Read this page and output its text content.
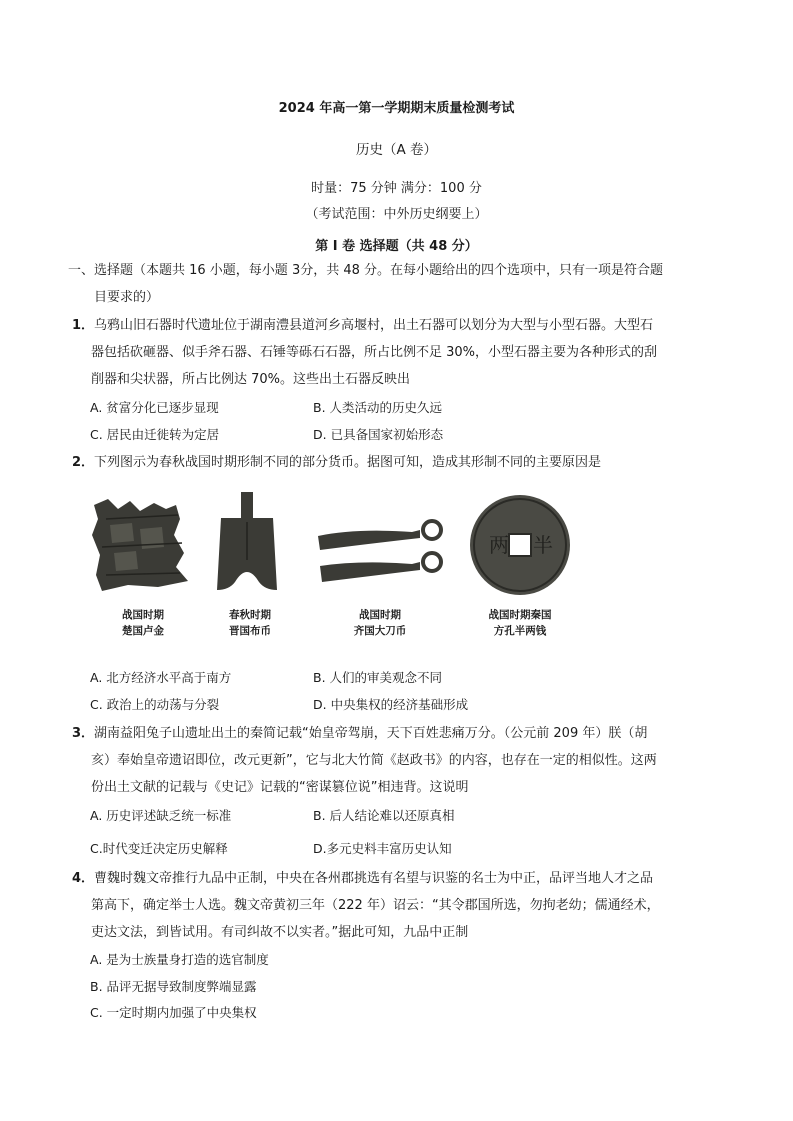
2024 年高一第一学期期末质量检测考试
历史（A 卷）
时量：75 分钟 满分：100 分
（考试范围：中外历史纲要上）
第 I 卷 选择题（共 48 分）
一、选择题（本题共 16 小题，每小题 3分，共 48 分。在每小题给出的四个选项中，只有一项是符合题
目要求的）
1．乌鸦山旧石器时代遗址位于湖南澧县道河乡高堰村，出土石器可以划分为大型与小型石器。大型石
器包括砍砸器、似手斧石器、石锤等砾石石器，所占比例不足 30%，小型石器主要为各种形式的刮
削器和尖状器，所占比例达 70%。这些出土石器反映出
A. 贫富分化已逐步显现	B. 人类活动的历史久远
C. 居民由迁徙转为定居	D. 已具备国家初始形态
2．下列图示为春秋战国时期形制不同的部分货币。据图可知，造成其形制不同的主要原因是
两 半
战国时期
楚国卢金
春秋时期
晋国布币
战国时期
齐国大刀币
战国时期秦国
方孔半两钱
A. 北方经济水平高于南方	B. 人们的审美观念不同
C. 政治上的动荡与分裂	D. 中央集权的经济基础形成
3．湖南益阳兔子山遗址出土的秦简记载“始皇帝驾崩，天下百姓悲痛万分。（公元前 209 年）朕（胡
亥）奉始皇帝遗诏即位，改元更新”，它与北大竹简《赵政书》的内容，也存在一定的相似性。这两
份出土文献的记载与《史记》记载的“密谋篡位说”相违背。这说明
A. 历史评述缺乏统一标准	B. 后人结论难以还原真相
C.时代变迁决定历史解释	D.多元史料丰富历史认知
4．曹魏时魏文帝推行九品中正制，中央在各州郡挑选有名望与识鉴的名士为中正，品评当地人才之品
第高下，确定举士人选。魏文帝黄初三年（222 年）诏云：“其令郡国所选，勿拘老幼；儒通经术，
吏达文法，到皆试用。有司纠故不以实者。”据此可知，九品中正制
A. 是为士族量身打造的选官制度
B. 品评无据导致制度弊端显露
C. 一定时期内加强了中央集权
